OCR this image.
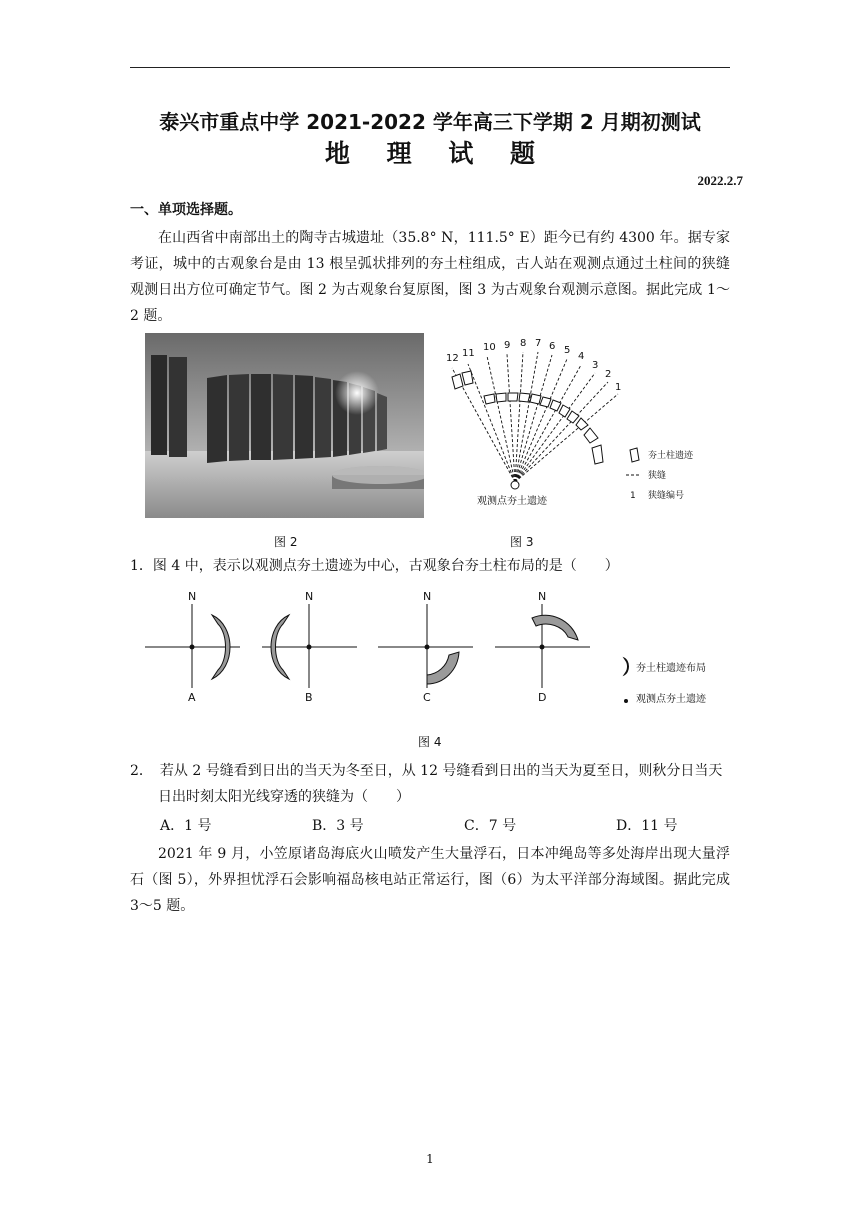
泰兴市重点中学 2021-2022 学年高三下学期 2 月期初测试
地 理 试 题
2022.2.7
一、单项选择题。

在山西省中南部出土的陶寺古城遗址（35.8° N，111.5° E）距今已有约 4300 年。据专家考证，城中的古观象台是由 13 根呈弧状排列的夯土柱组成，古人站在观测点通过土柱间的狭缝观测日出方位可确定节气。图 2 为古观象台复原图，图 3 为古观象台观测示意图。据此完成 1～2 题。

图 2
12 11
10 9 8 7 6 5
4
3
2
1
观测点夯土遗迹
夯土柱遗迹
狭缝
1 狭缝编号
图 3

1．图 4 中，表示以观测点夯土遗迹为中心，古观象台夯土柱布局的是（　　）

N	N	N	N
A	B	C	D
夯土柱遗迹布局
观测点夯土遗迹
图 4

2．　若从 2 号缝看到日出的当天为冬至日，从 12 号缝看到日出的当天为夏至日，则秋分日当天日出时刻太阳光线穿透的狭缝为（　　）

A．1 号	B．3 号	C．7 号	D．11 号

2021 年 9 月，小笠原诸岛海底火山喷发产生大量浮石，日本冲绳岛等多处海岸出现大量浮石（图 5），外界担忧浮石会影响福岛核电站正常运行，图（6）为太平洋部分海域图。据此完成 3～5 题。

1
